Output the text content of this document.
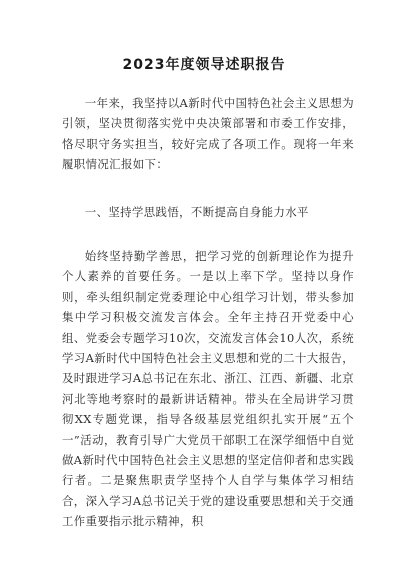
2023年度领导述职报告

一年来，我坚持以A新时代中国特色社会主义思想为引领，坚决贯彻落实党中央决策部署和市委工作安排，恪尽职守务实担当，较好完成了各项工作。现将一年来履职情况汇报如下：

一、坚持学思践悟，不断提高自身能力水平

始终坚持勤学善思，把学习党的创新理论作为提升个人素养的首要任务。一是以上率下学。坚持以身作则，牵头组织制定党委理论中心组学习计划，带头参加集中学习积极交流发言体会。全年主持召开党委中心组、党委会专题学习10次，交流发言体会10人次，系统学习A新时代中国特色社会主义思想和党的二十大报告，及时跟进学习A总书记在东北、浙江、江西、新疆、北京河北等地考察时的最新讲话精神。带头在全局讲学习贯彻XX专题党课，指导各级基层党组织扎实开展“五个一”活动，教育引导广大党员干部职工在深学细悟中自觉做A新时代中国特色社会主义思想的坚定信仰者和忠实践行者。二是聚焦职责学坚持个人自学与集体学习相结合，深入学习A总书记关于党的建设重要思想和关于交通工作重要指示批示精神，积
